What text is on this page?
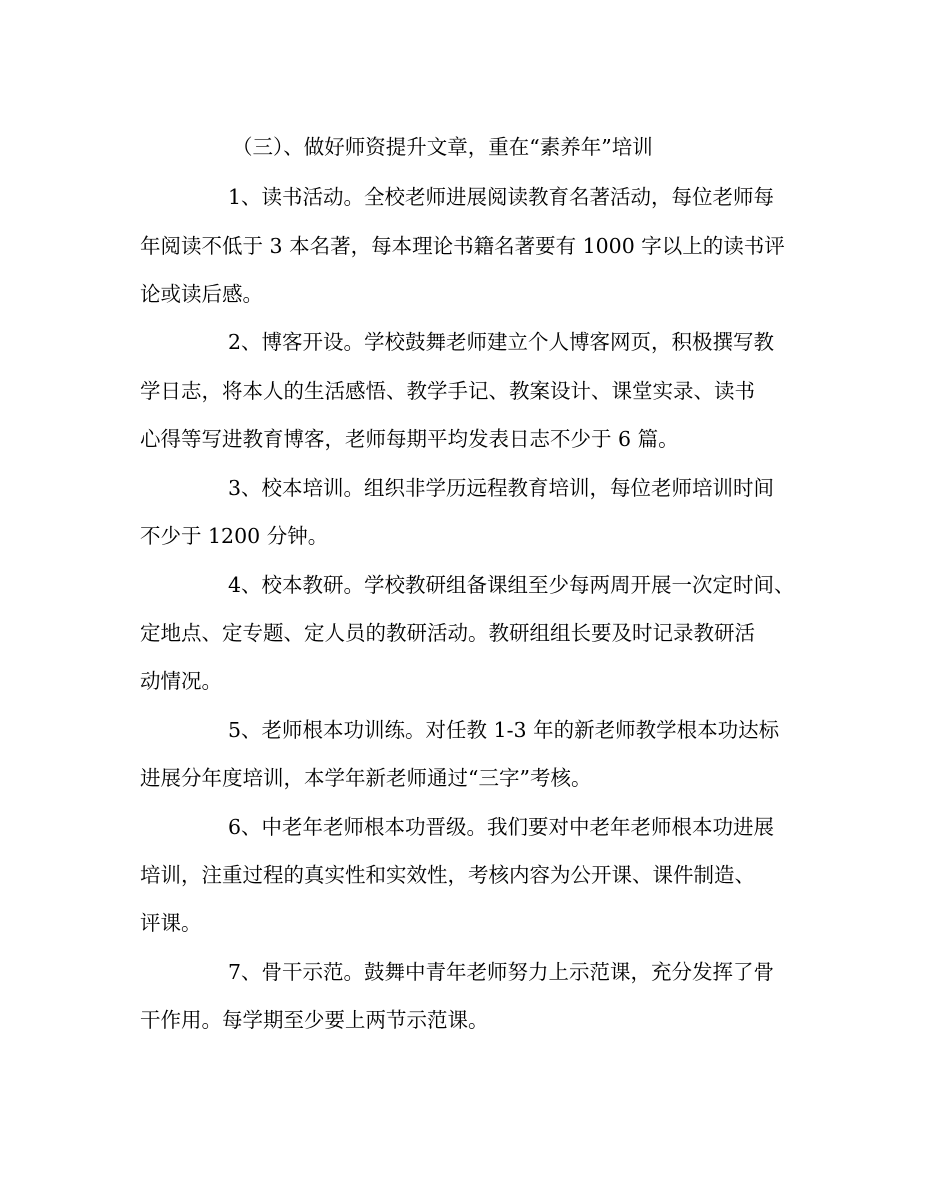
（三）、做好师资提升文章，重在“素养年”培训
1、读书活动。全校老师进展阅读教育名著活动，每位老师每
年阅读不低于 3 本名著，每本理论书籍名著要有 1000 字以上的读书评
论或读后感。
2、博客开设。学校鼓舞老师建立个人博客网页，积极撰写教
学日志，将本人的生活感悟、教学手记、教案设计、课堂实录、读书
心得等写进教育博客，老师每期平均发表日志不少于 6 篇。
3、校本培训。组织非学历远程教育培训，每位老师培训时间
不少于 1200 分钟。
4、校本教研。学校教研组备课组至少每两周开展一次定时间、
定地点、定专题、定人员的教研活动。教研组组长要及时记录教研活
动情况。
5、老师根本功训练。对任教 1-3 年的新老师教学根本功达标
进展分年度培训，本学年新老师通过“三字”考核。
6、中老年老师根本功晋级。我们要对中老年老师根本功进展
培训，注重过程的真实性和实效性，考核内容为公开课、课件制造、
评课。
7、骨干示范。鼓舞中青年老师努力上示范课，充分发挥了骨
干作用。每学期至少要上两节示范课。
